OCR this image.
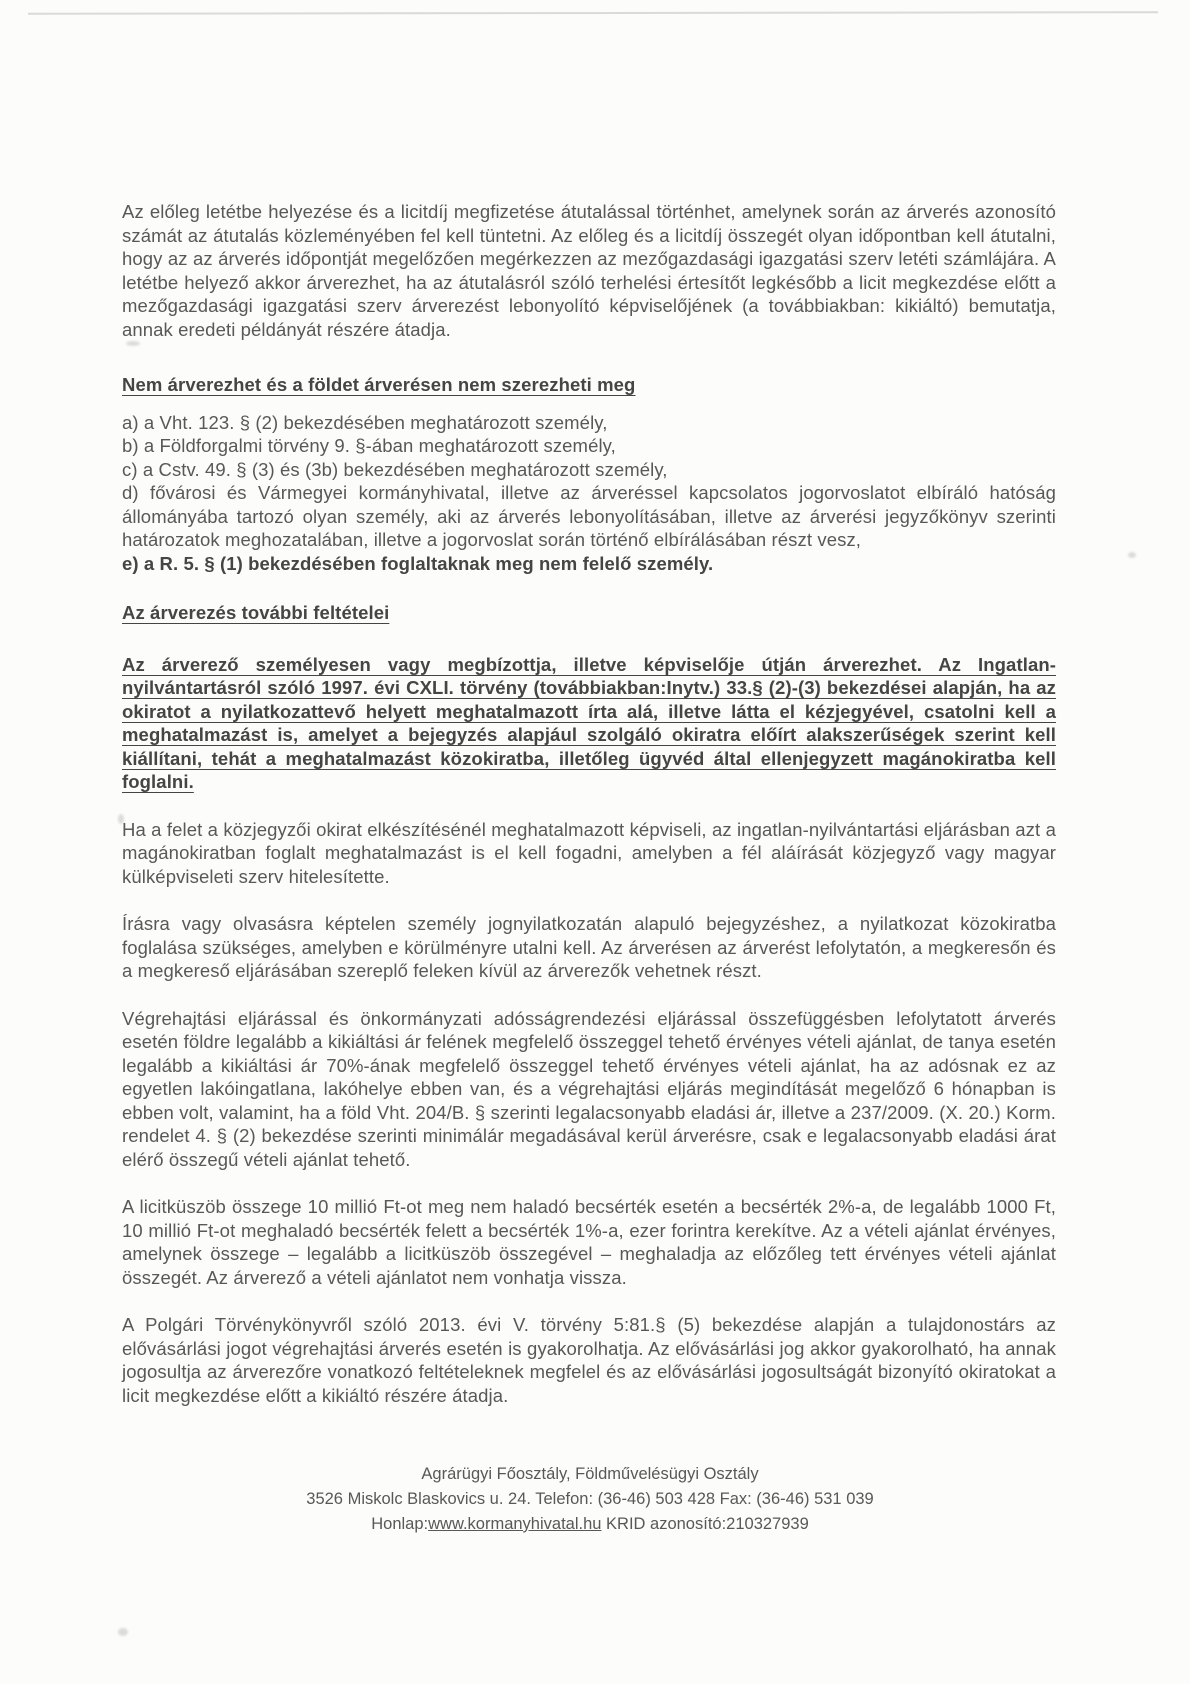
Az előleg letétbe helyezése és a licitdíj megfizetése átutalással történhet, amelynek során az árverés azonosító számát az átutalás közleményében fel kell tüntetni. Az előleg és a licitdíj összegét olyan időpontban kell átutalni, hogy az az árverés időpontját megelőzően megérkezzen az mezőgazdasági igazgatási szerv letéti számlájára. A letétbe helyező akkor árverezhet, ha az átutalásról szóló terhelési értesítőt legkésőbb a licit megkezdése előtt a mezőgazdasági igazgatási szerv árverezést lebonyolító képviselőjének (a továbbiakban: kikiáltó) bemutatja, annak eredeti példányát részére átadja.

Nem árverezhet és a földet árverésen nem szerezheti meg

a) a Vht. 123. § (2) bekezdésében meghatározott személy,

b) a Földforgalmi törvény 9. §-ában meghatározott személy,

c) a Cstv. 49. § (3) és (3b) bekezdésében meghatározott személy,

d) fővárosi és Vármegyei kormányhivatal, illetve az árveréssel kapcsolatos jogorvoslatot elbíráló hatóság állományába tartozó olyan személy, aki az árverés lebonyolításában, illetve az árverési jegyzőkönyv szerinti határozatok meghozatalában, illetve a jogorvoslat során történő elbírálásában részt vesz,

e) a R. 5. § (1) bekezdésében foglaltaknak meg nem felelő személy.

Az árverezés további feltételei

Az árverező személyesen vagy megbízottja, illetve képviselője útján árverezhet. Az Ingatlan-nyilvántartásról szóló 1997. évi CXLI. törvény (továbbiakban:Inytv.) 33.§ (2)-(3) bekezdései alapján, ha az okiratot a nyilatkozattevő helyett meghatalmazott írta alá, illetve látta el kézjegyével, csatolni kell a meghatalmazást is, amelyet a bejegyzés alapjául szolgáló okiratra előírt alakszerűségek szerint kell kiállítani, tehát a meghatalmazást közokiratba, illetőleg ügyvéd által ellenjegyzett magánokiratba kell foglalni.

Ha a felet a közjegyzői okirat elkészítésénél meghatalmazott képviseli, az ingatlan-nyilvántartási eljárásban azt a magánokiratban foglalt meghatalmazást is el kell fogadni, amelyben a fél aláírását közjegyző vagy magyar külképviseleti szerv hitelesítette.

Írásra vagy olvasásra képtelen személy jognyilatkozatán alapuló bejegyzéshez, a nyilatkozat közokiratba foglalása szükséges, amelyben e körülményre utalni kell. Az árverésen az árverést lefolytatón, a megkeresőn és a megkereső eljárásában szereplő feleken kívül az árverezők vehetnek részt.

Végrehajtási eljárással és önkormányzati adósságrendezési eljárással összefüggésben lefolytatott árverés esetén földre legalább a kikiáltási ár felének megfelelő összeggel tehető érvényes vételi ajánlat, de tanya esetén legalább a kikiáltási ár 70%-ának megfelelő összeggel tehető érvényes vételi ajánlat, ha az adósnak ez az egyetlen lakóingatlana, lakóhelye ebben van, és a végrehajtási eljárás megindítását megelőző 6 hónapban is ebben volt, valamint, ha a föld Vht. 204/B. § szerinti legalacsonyabb eladási ár, illetve a 237/2009. (X. 20.) Korm. rendelet 4. § (2) bekezdése szerinti minimálár megadásával kerül árverésre, csak e legalacsonyabb eladási árat elérő összegű vételi ajánlat tehető.

A licitküszöb összege 10 millió Ft-ot meg nem haladó becsérték esetén a becsérték 2%-a, de legalább 1000 Ft, 10 millió Ft-ot meghaladó becsérték felett a becsérték 1%-a, ezer forintra kerekítve. Az a vételi ajánlat érvényes, amelynek összege – legalább a licitküszöb összegével – meghaladja az előzőleg tett érvényes vételi ajánlat összegét. Az árverező a vételi ajánlatot nem vonhatja vissza.

A Polgári Törvénykönyvről szóló 2013. évi V. törvény 5:81.§ (5) bekezdése alapján a tulajdonostárs az elővásárlási jogot végrehajtási árverés esetén is gyakorolhatja. Az elővásárlási jog akkor gyakorolható, ha annak jogosultja az árverezőre vonatkozó feltételeknek megfelel és az elővásárlási jogosultságát bizonyító okiratokat a licit megkezdése előtt a kikiáltó részére átadja.

Agrárügyi Főosztály, Földművelésügyi Osztály
3526 Miskolc Blaskovics u. 24. Telefon: (36-46) 503 428 Fax: (36-46) 531 039
Honlap:www.kormanyhivatal.hu KRID azonosító:210327939
